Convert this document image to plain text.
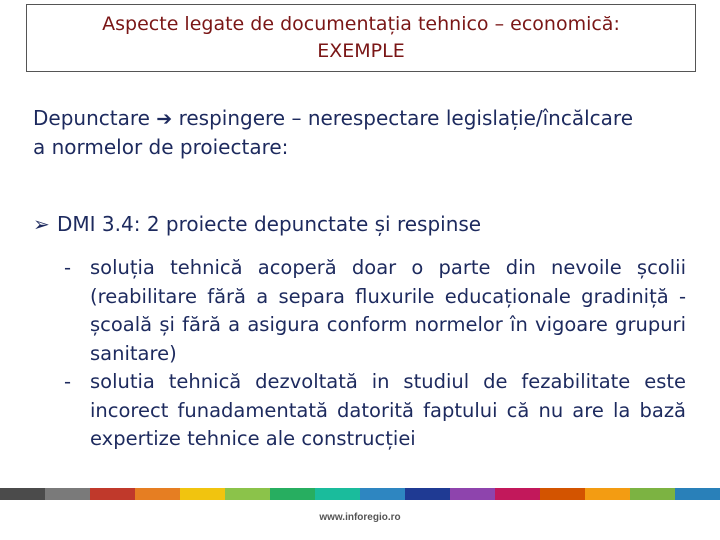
Aspecte legate de documentația tehnico – economică:
EXEMPLE
Depunctare ➔ respingere – nerespectare legislație/încălcare
a normelor de proiectare:
➢ DMI 3.4: 2 proiecte depunctate și respinse
- soluția tehnică acoperă doar o parte din nevoile școlii (reabilitare fără a separa fluxurile educaționale gradiniță - școală și fără a asigura conform normelor în vigoare grupuri sanitare)
- solutia tehnică dezvoltată in studiul de fezabilitate este incorect funadamentată datorită faptului că nu are la bază expertize tehnice ale construcției
www.inforegio.ro
